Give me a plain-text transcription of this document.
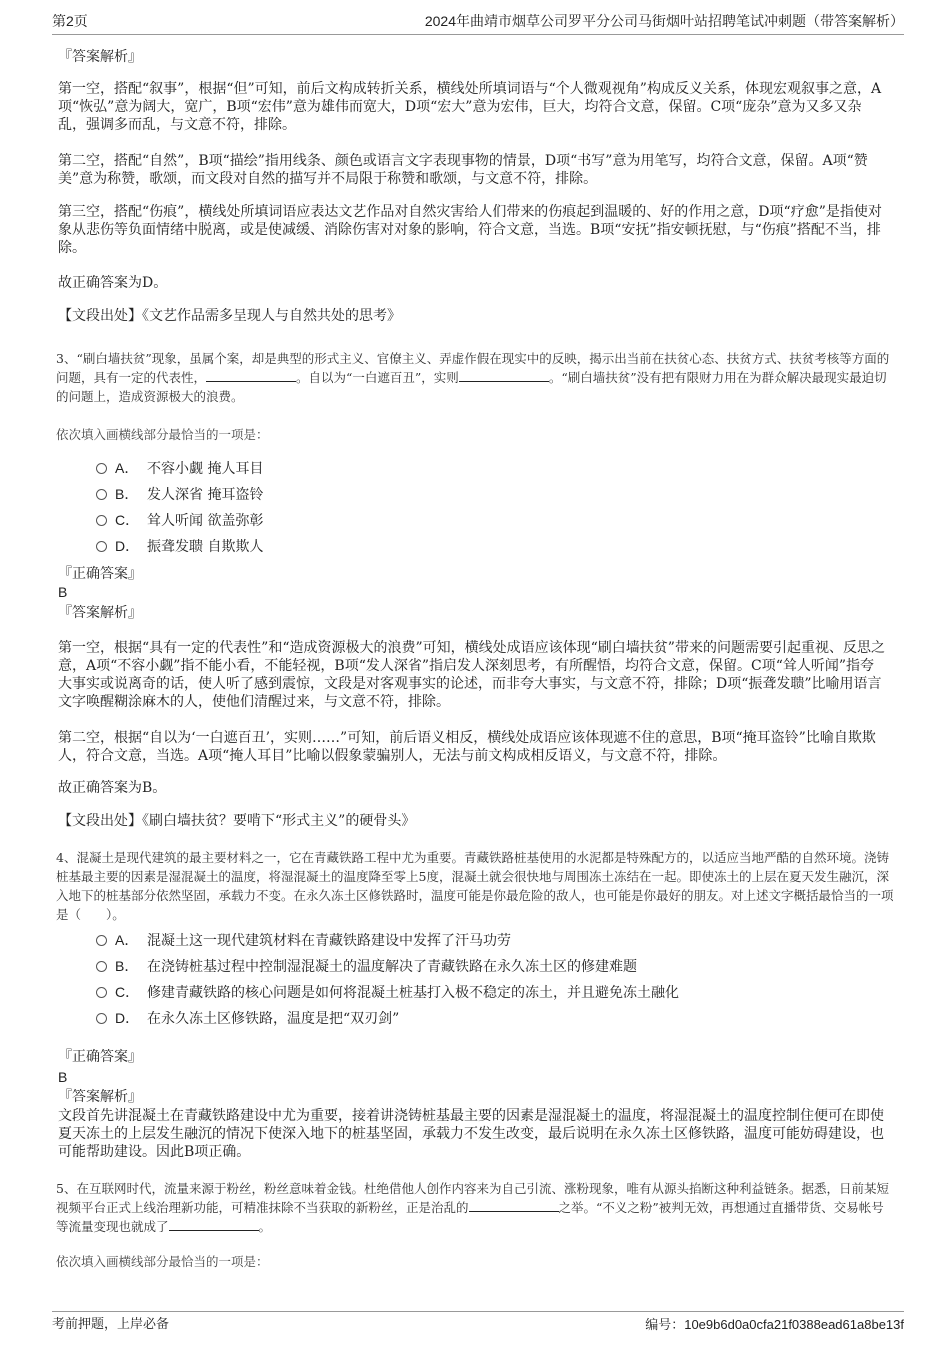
第2页	2024年曲靖市烟草公司罗平分公司马街烟叶站招聘笔试冲刺题（带答案解析）
『答案解析』

第一空，搭配“叙事”，根据“但”可知，前后文构成转折关系，横线处所填词语与“个人微观视角”构成反义关系，体现宏观叙事之意，A项“恢弘”意为阔大，宽广，B项“宏伟”意为雄伟而宽大，D项“宏大”意为宏伟，巨大，均符合文意，保留。C项“庞杂”意为又多又杂乱，强调多而乱，与文意不符，排除。

第二空，搭配“自然”，B项“描绘”指用线条、颜色或语言文字表现事物的情景，D项“书写”意为用笔写，均符合文意，保留。A项“赞美”意为称赞，歌颂，而文段对自然的描写并不局限于称赞和歌颂，与文意不符，排除。

第三空，搭配“伤痕”，横线处所填词语应表达文艺作品对自然灾害给人们带来的伤痕起到温暖的、好的作用之意，D项“疗愈”是指使对象从悲伤等负面情绪中脱离，或是使减缓、消除伤害对对象的影响，符合文意，当选。B项“安抚”指安顿抚慰，与“伤痕”搭配不当，排除。

故正确答案为D。

【文段出处】《文艺作品需多呈现人与自然共处的思考》

3、“刷白墙扶贫”现象，虽属个案，却是典型的形式主义、官僚主义、弄虚作假在现实中的反映，揭示出当前在扶贫心态、扶贫方式、扶贫考核等方面的问题，具有一定的代表性，	。自以为“一白遮百丑”，实则	。“刷白墙扶贫”没有把有限财力用在为群众解决最现实最迫切的问题上，造成资源极大的浪费。

依次填入画横线部分最恰当的一项是：

A． 不容小觑 掩人耳目
B． 发人深省 掩耳盗铃
C． 耸人听闻 欲盖弥彰
D． 振聋发聩 自欺欺人
『正确答案』
B
『答案解析』

第一空，根据“具有一定的代表性”和“造成资源极大的浪费”可知，横线处成语应该体现“刷白墙扶贫”带来的问题需要引起重视、反思之意，A项“不容小觑”指不能小看，不能轻视，B项“发人深省”指启发人深刻思考，有所醒悟，均符合文意，保留。C项“耸人听闻”指夸大事实或说离奇的话，使人听了感到震惊，文段是对客观事实的论述，而非夸大事实，与文意不符，排除；D项“振聋发聩”比喻用语言文字唤醒糊涂麻木的人，使他们清醒过来，与文意不符，排除。

第二空，根据“自以为‘一白遮百丑’，实则……”可知，前后语义相反，横线处成语应该体现遮不住的意思，B项“掩耳盗铃”比喻自欺欺人，符合文意，当选。A项“掩人耳目”比喻以假象蒙骗别人，无法与前文构成相反语义，与文意不符，排除。

故正确答案为B。

【文段出处】《刷白墙扶贫？要啃下“形式主义”的硬骨头》

4、混凝土是现代建筑的最主要材料之一，它在青藏铁路工程中尤为重要。青藏铁路桩基使用的水泥都是特殊配方的，以适应当地严酷的自然环境。浇铸桩基最主要的因素是湿混凝土的温度，将湿混凝土的温度降至零上5度，混凝土就会很快地与周围冻土冻结在一起。即使冻土的上层在夏天发生融沉，深入地下的桩基部分依然坚固，承载力不变。在永久冻土区修铁路时，温度可能是你最危险的敌人，也可能是你最好的朋友。对上述文字概括最恰当的一项是（　　）。

A． 混凝土这一现代建筑材料在青藏铁路建设中发挥了汗马功劳
B． 在浇铸桩基过程中控制湿混凝土的温度解决了青藏铁路在永久冻土区的修建难题
C． 修建青藏铁路的核心问题是如何将混凝土桩基打入极不稳定的冻土，并且避免冻土融化
D． 在永久冻土区修铁路，温度是把“双刃剑”
『正确答案』
B
『答案解析』

文段首先讲混凝土在青藏铁路建设中尤为重要，接着讲浇铸桩基最主要的因素是湿混凝土的温度，将湿混凝土的温度控制住便可在即使夏天冻土的上层发生融沉的情况下使深入地下的桩基坚固，承载力不发生改变，最后说明在永久冻土区修铁路，温度可能妨碍建设，也可能帮助建设。因此B项正确。

5、在互联网时代，流量来源于粉丝，粉丝意味着金钱。杜绝借他人创作内容来为自己引流、涨粉现象，唯有从源头掐断这种利益链条。据悉，日前某短视频平台正式上线治理新功能，可精准抹除不当获取的新粉丝，正是治乱的	之举。“不义之粉”被判无效，再想通过直播带货、交易帐号等流量变现也就成了	。

依次填入画横线部分最恰当的一项是：

考前押题，上岸必备	编号：10e9b6d0a0cfa21f0388ead61a8be13f
